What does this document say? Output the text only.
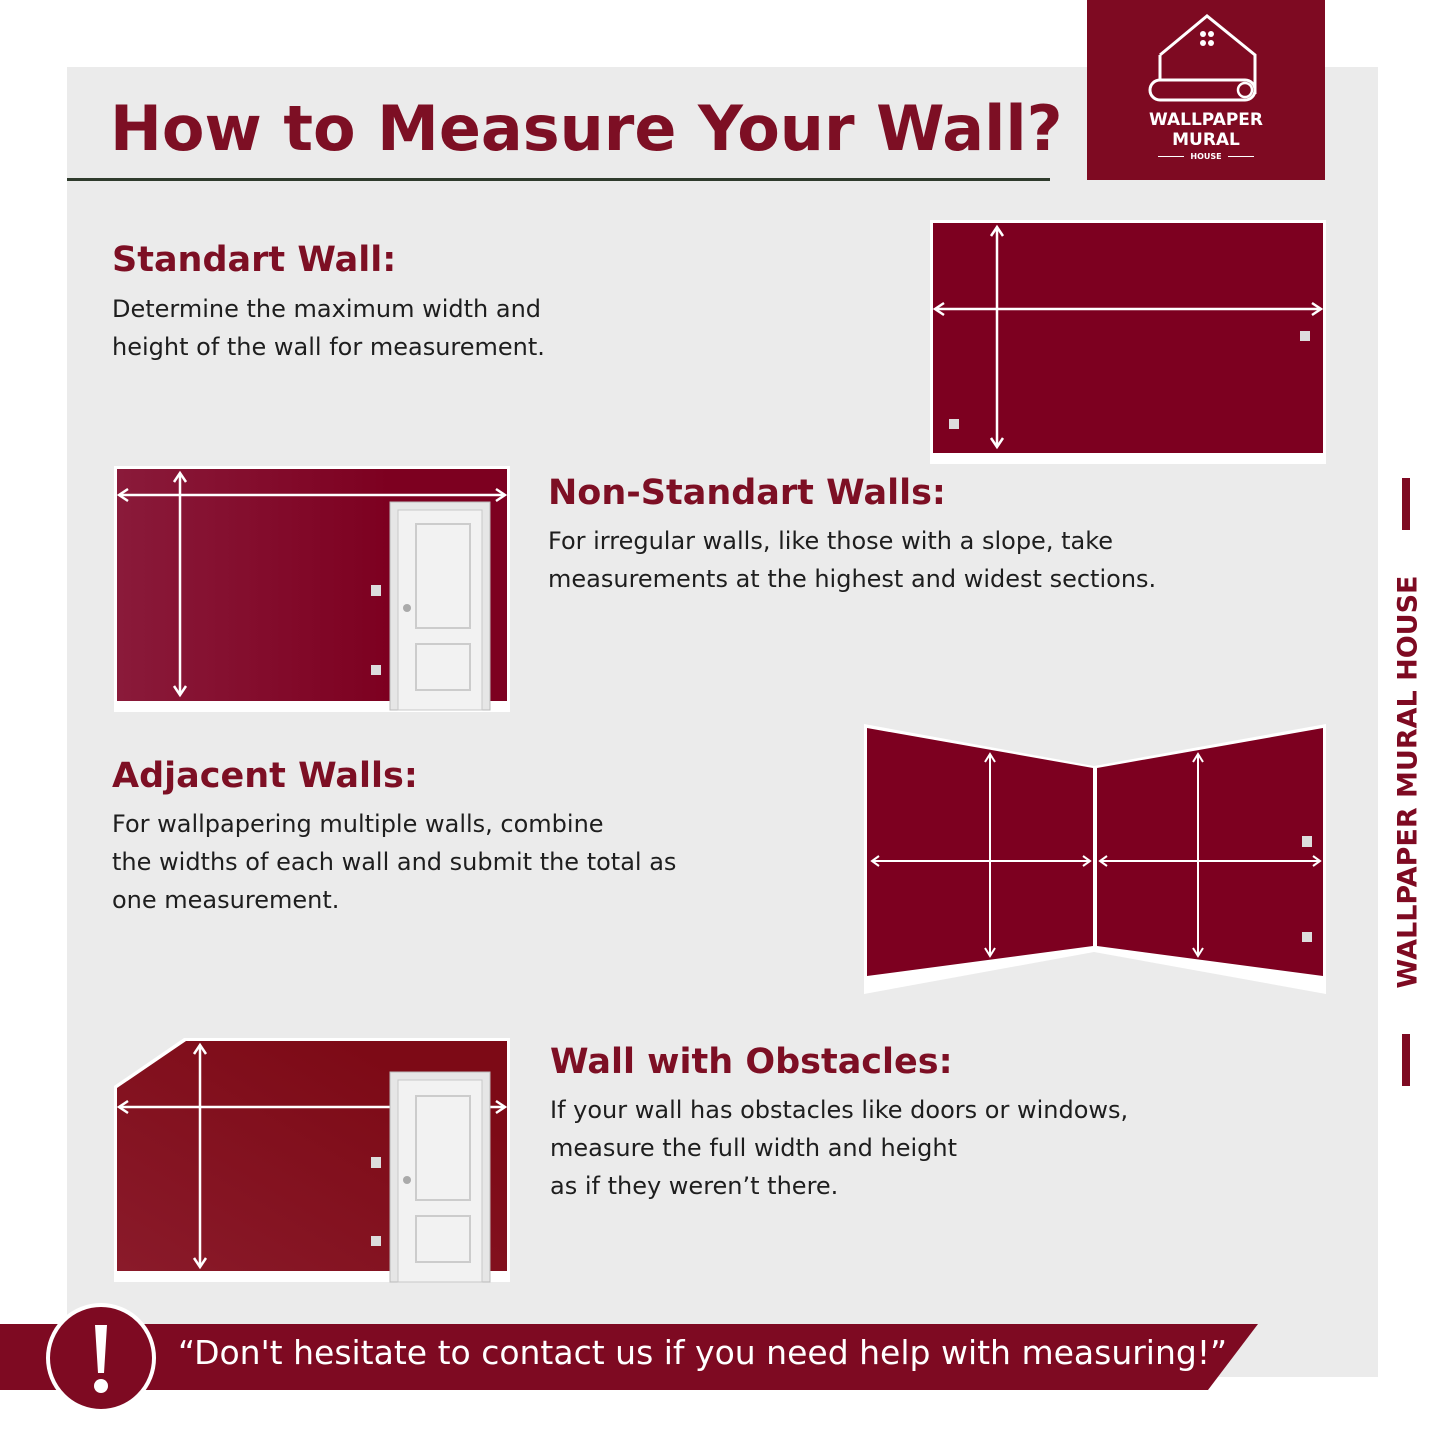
How to Measure Your Wall?	WALLPAPER
MURAL
HOUSE
Standart Wall:

Determine the maximum width and
height of the wall for measurement.

Non-Standart Walls:

For irregular walls, like those with a slope, take
measurements at the highest and widest sections.

Adjacent Walls:

For wallpapering multiple walls, combine
the widths of each wall and submit the total as
one measurement.

Wall with Obstacles:

If your wall has obstacles like doors or windows,
measure the full width and height
as if they weren’t there.

WALLPAPER MURAL HOUSE
“Don't hesitate to contact us if you need help with measuring!”
